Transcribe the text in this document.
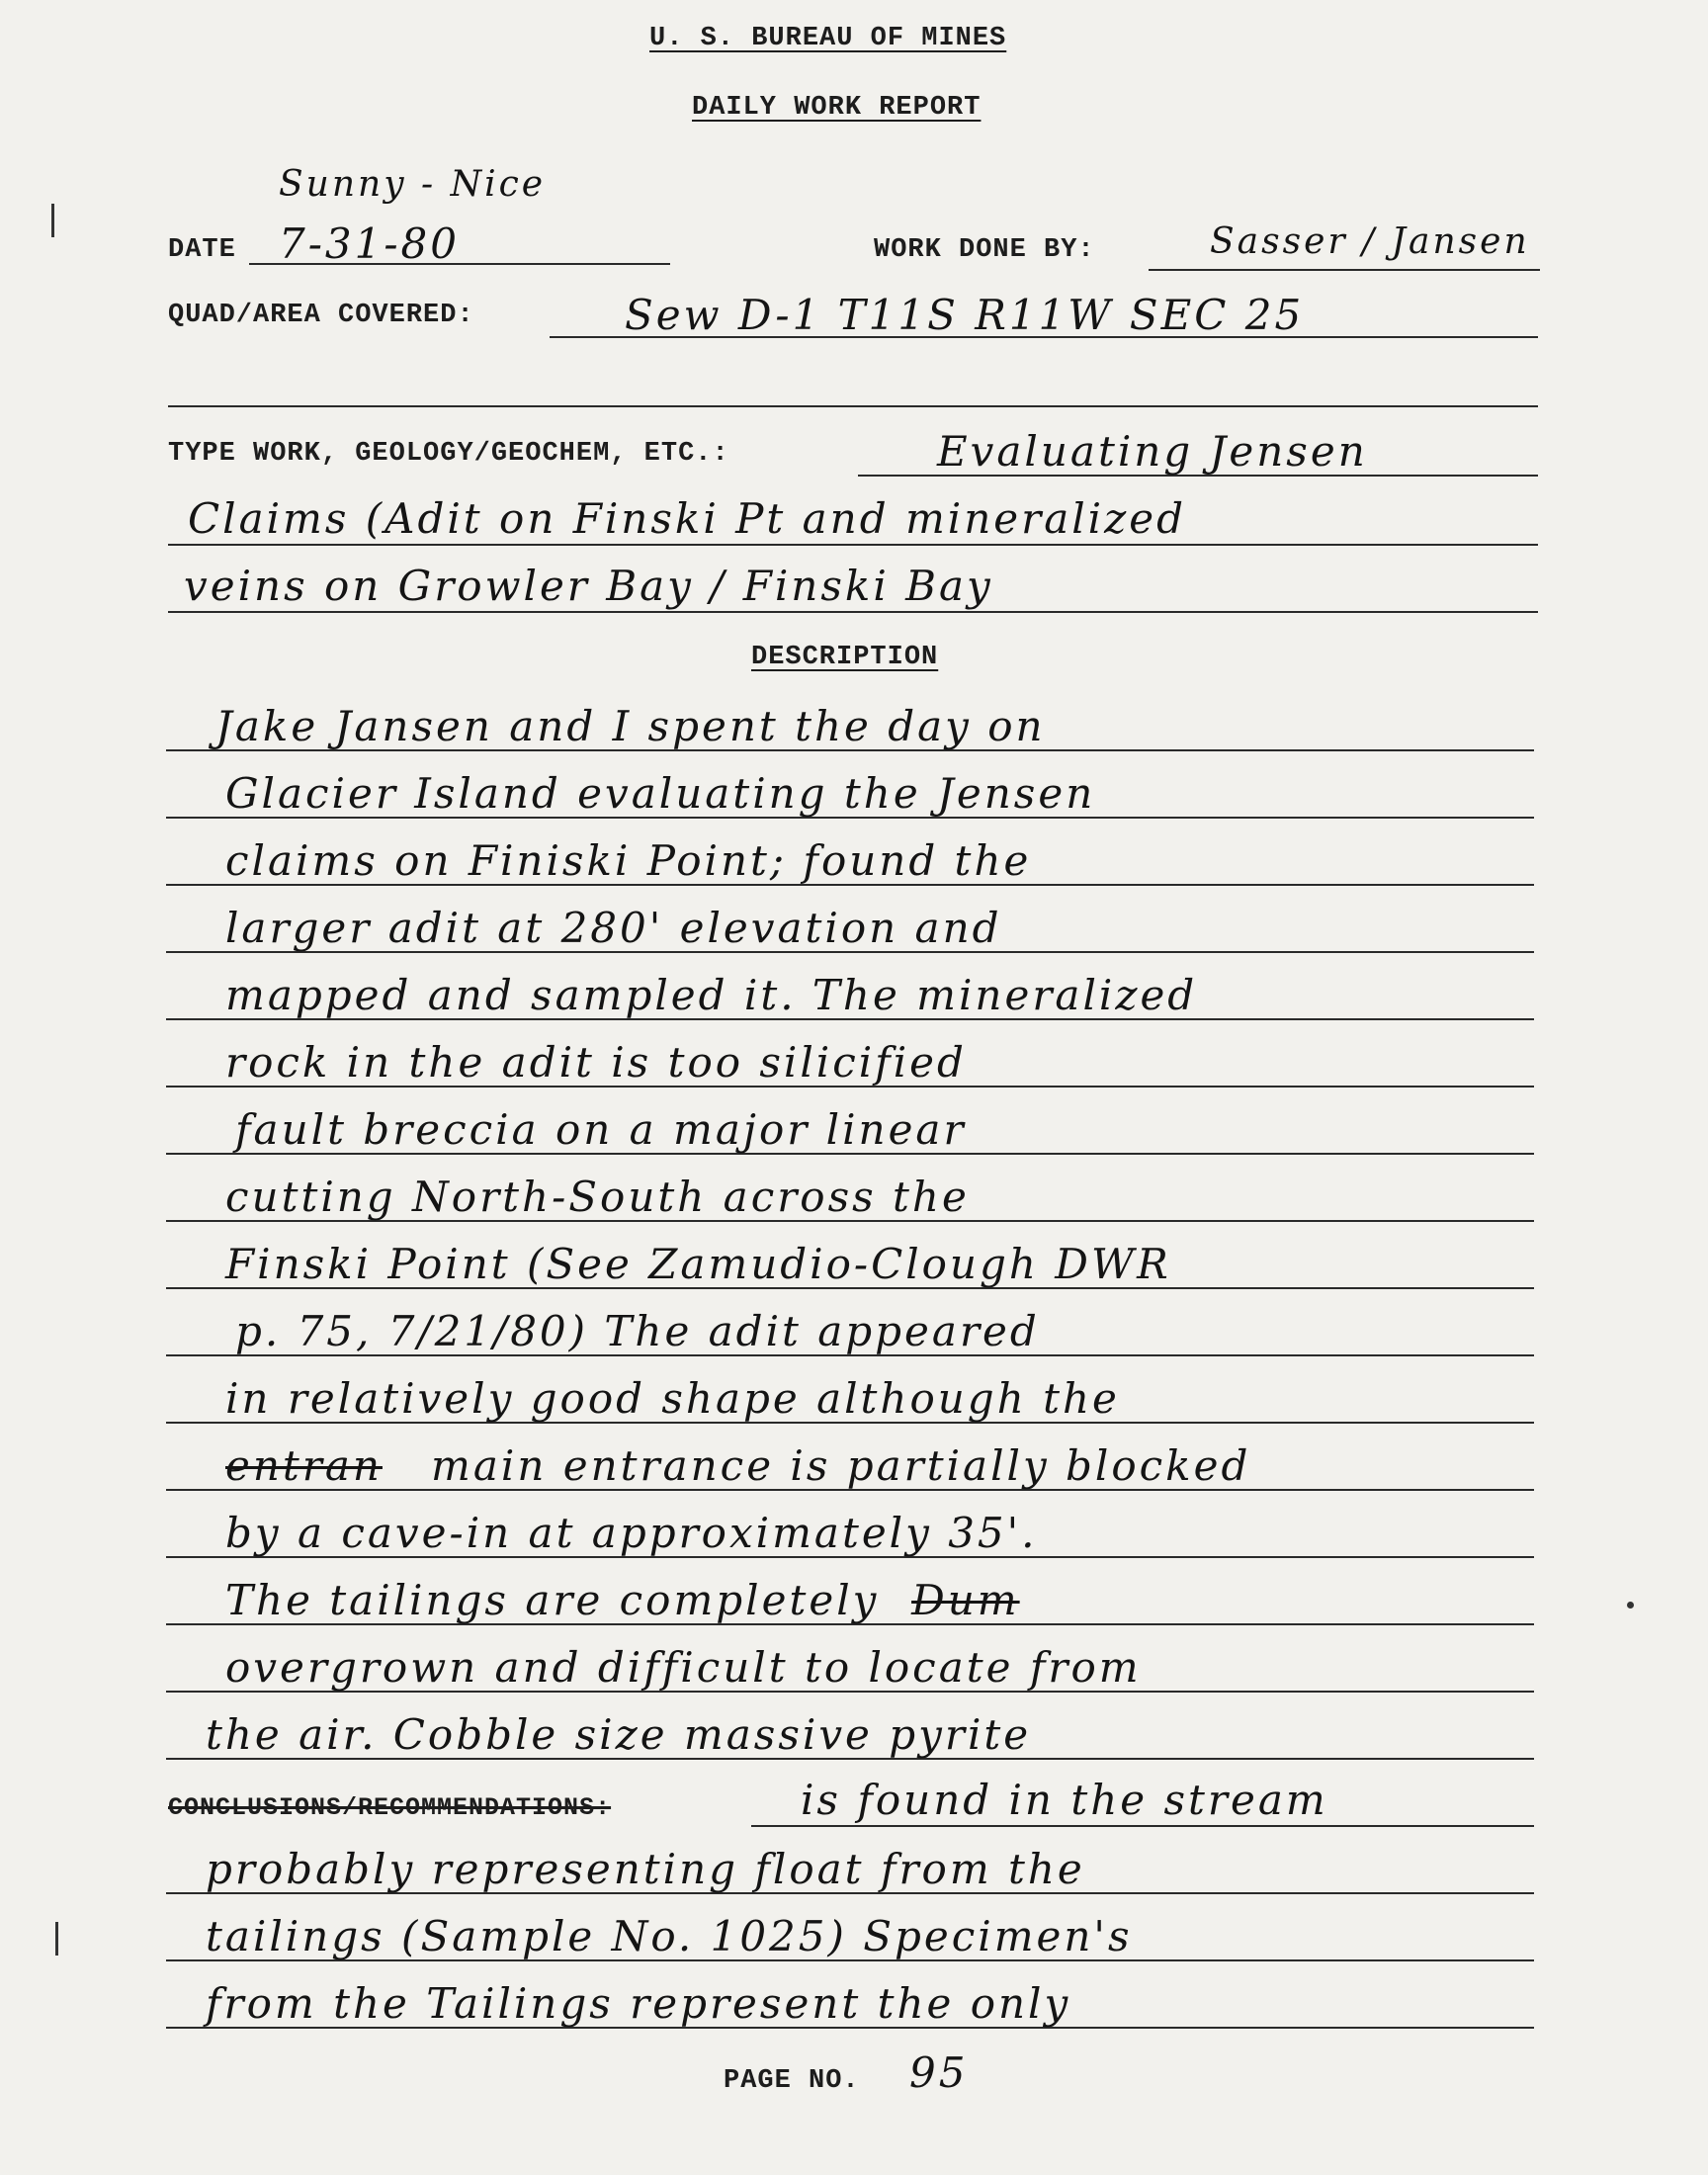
U. S. BUREAU OF MINES
DAILY WORK REPORT
Sunny - Nice
DATE 7-31-80	WORK DONE BY:	Sasser / Jansen
QUAD/AREA COVERED:	Sew D-1 T11S R11W SEC 25
TYPE WORK, GEOLOGY/GEOCHEM, ETC.:	Evaluating Jensen
Claims (Adit on Finski Pt and mineralized
veins on Growler Bay / Finski Bay
DESCRIPTION
Jake Jansen and I spent the day on
Glacier Island evaluating the Jensen
claims on Finiski Point; found the
larger adit at 280' elevation and
mapped and sampled it. The mineralized
rock in the adit is too silicified
fault breccia on a major linear
cutting North-South across the
Finski Point (See Zamudio-Clough DWR
p. 75, 7/21/80) The adit appeared
in relatively good shape although the
entran main entrance is partially blocked
by a cave-in at approximately 35'.
The tailings are completely Dum
overgrown and difficult to locate from
the air. Cobble size massive pyrite
CONCLUSIONS/RECOMMENDATIONS:	is found in the stream
probably representing float from the
tailings (Sample No. 1025) Specimen's
from the Tailings represent the only
PAGE NO. 95
